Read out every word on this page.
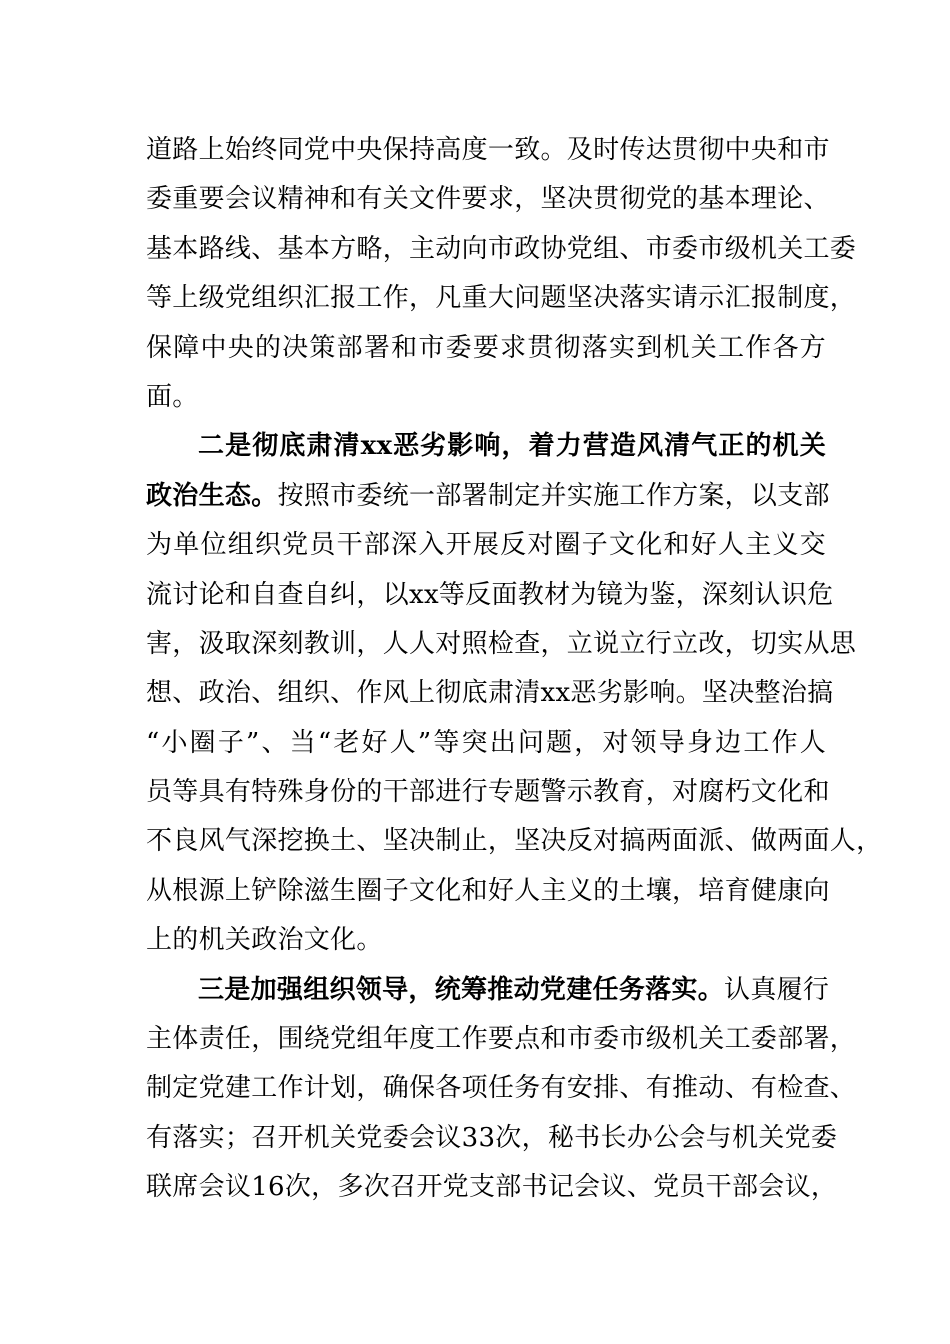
道路上始终同党中央保持高度一致。及时传达贯彻中央和市
委重要会议精神和有关文件要求，坚决贯彻党的基本理论、
基本路线、基本方略，主动向市政协党组、市委市级机关工委
等上级党组织汇报工作，凡重大问题坚决落实请示汇报制度，
保障中央的决策部署和市委要求贯彻落实到机关工作各方
面。
二是彻底肃清xx恶劣影响，着力营造风清气正的机关
政治生态。按照市委统一部署制定并实施工作方案，以支部
为单位组织党员干部深入开展反对圈子文化和好人主义交
流讨论和自查自纠，以xx等反面教材为镜为鉴，深刻认识危
害，汲取深刻教训，人人对照检查，立说立行立改，切实从思
想、政治、组织、作风上彻底肃清xx恶劣影响。坚决整治搞
“小圈子”、当“老好人”等突出问题，对领导身边工作人
员等具有特殊身份的干部进行专题警示教育，对腐朽文化和
不良风气深挖换土、坚决制止，坚决反对搞两面派、做两面人，
从根源上铲除滋生圈子文化和好人主义的土壤，培育健康向
上的机关政治文化。
三是加强组织领导，统筹推动党建任务落实。认真履行
主体责任，围绕党组年度工作要点和市委市级机关工委部署，
制定党建工作计划，确保各项任务有安排、有推动、有检查、
有落实；召开机关党委会议33次，秘书长办公会与机关党委
联席会议16次，多次召开党支部书记会议、党员干部会议，
